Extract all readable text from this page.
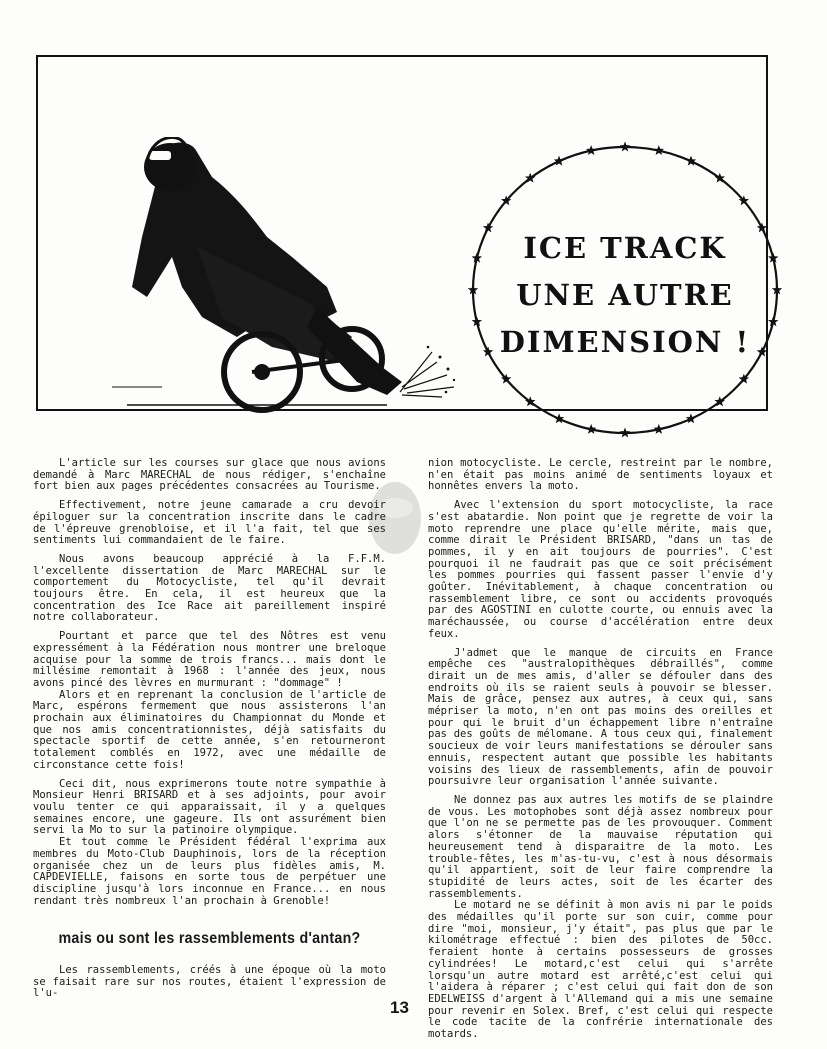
ICE TRACK
UNE AUTRE
DIMENSION !

L'article sur les courses sur glace que nous avions demandé à Marc MARECHAL de nous rédiger, s'enchaîne fort bien aux pages précédentes consacrées au Tourisme.

Effectivement, notre jeune camarade a cru devoir épiloguer sur la concentration inscrite dans le cadre de l'épreuve grenobloise, et il l'a fait, tel que ses sentiments lui commandaient de le faire.

Nous avons beaucoup apprécié à la F.F.M. l'excellente dissertation de Marc MARECHAL sur le comportement du Motocycliste, tel qu'il devrait toujours être. En cela, il est heureux que la concentration des Ice Race ait pareillement inspiré notre collaborateur.

Pourtant et parce que tel des Nôtres est venu expressément à la Fédération nous montrer une breloque acquise pour la somme de trois francs... mais dont le millésime remontait à 1968 : l'année des jeux, nous avons pincé des lèvres en murmurant : "dommage" !

Alors et en reprenant la conclusion de l'article de Marc, espérons fermement que nous assisterons l'an prochain aux éliminatoires du Championnat du Monde et que nos amis concentrationnistes, déjà satisfaits du spectacle sportif de cette année, s'en retourneront totalement comblés en 1972, avec une médaille de circonstance cette fois!

Ceci dit, nous exprimerons toute notre sympathie à Monsieur Henri BRISARD et à ses adjoints, pour avoir voulu tenter ce qui apparaissait, il y a quelques semaines encore, une gageure. Ils ont assurément bien servi la Mo to sur la patinoire olympique.

Et tout comme le Président fédéral l'exprima aux membres du Moto-Club Dauphinois, lors de la réception organisée chez un de leurs plus fidèles amis, M. CAPDEVIELLE, faisons en sorte tous de perpétuer une discipline jusqu'à lors inconnue en France... en nous rendant très nombreux l'an prochain à Grenoble!

mais ou sont les rassemblements d'antan?

Les rassemblements, créés à une époque où la moto se faisait rare sur nos routes, étaient l'expression de l'u-

nion motocycliste. Le cercle, restreint par le nombre, n'en était pas moins animé de sentiments loyaux et honnêtes envers la moto.

Avec l'extension du sport motocycliste, la race s'est abatardie. Non point que je regrette de voir la moto reprendre une place qu'elle mérite, mais que, comme dirait le Président BRISARD, "dans un tas de pommes, il y en ait toujours de pourries". C'est pourquoi il ne faudrait pas que ce soit précisément les pommes pourries qui fassent passer l'envie d'y goûter. Inévitablement, à chaque concentration ou rassemblement libre, ce sont ou accidents provoqués par des AGOSTINI en culotte courte, ou ennuis avec la maréchaussée, ou course d'accélération entre deux feux.

J'admet que le manque de circuits en France empêche ces "australopithèques débraillés", comme dirait un de mes amis, d'aller se défouler dans des endroits où ils se raient seuls à pouvoir se blesser. Mais de grâce, pensez aux autres, à ceux qui, sans mépriser la moto, n'en ont pas moins des oreilles et pour qui le bruit d'un échappement libre n'entraîne pas des goûts de mélomane. A tous ceux qui, finalement soucieux de voir leurs manifestations se dérouler sans ennuis, respectent autant que possible les habitants voisins des lieux de rassemblements, afin de pouvoir poursuivre leur organisation l'année suivante.

Ne donnez pas aux autres les motifs de se plaindre de vous. Les motophobes sont déjà assez nombreux pour que l'on ne se permette pas de les provouquer. Comment alors s'étonner de la mauvaise réputation qui heureusement tend à disparaitre de la moto. Les trouble-fêtes, les m'as-tu-vu, c'est à nous désormais qu'il appartient, soit de leur faire comprendre la stupidité de leurs actes, soit de les écarter des rassemblements.

Le motard ne se définit à mon avis ni par le poids des médailles qu'il porte sur son cuir, comme pour dire "moi, monsieur, j'y était", pas plus que par le kilométrage effectué : bien des pilotes de 50cc. feraient honte à certains possesseurs de grosses cylindrées! Le motard,c'est celui qui s'arrête lorsqu'un autre motard est arrêté,c'est celui qui l'aidera à réparer ; c'est celui qui fait don de son EDELWEISS d'argent à l'Allemand qui a mis une semaine pour revenir en Solex. Bref, c'est celui qui respecte le code tacite de la confrérie internationale des motards.

13
